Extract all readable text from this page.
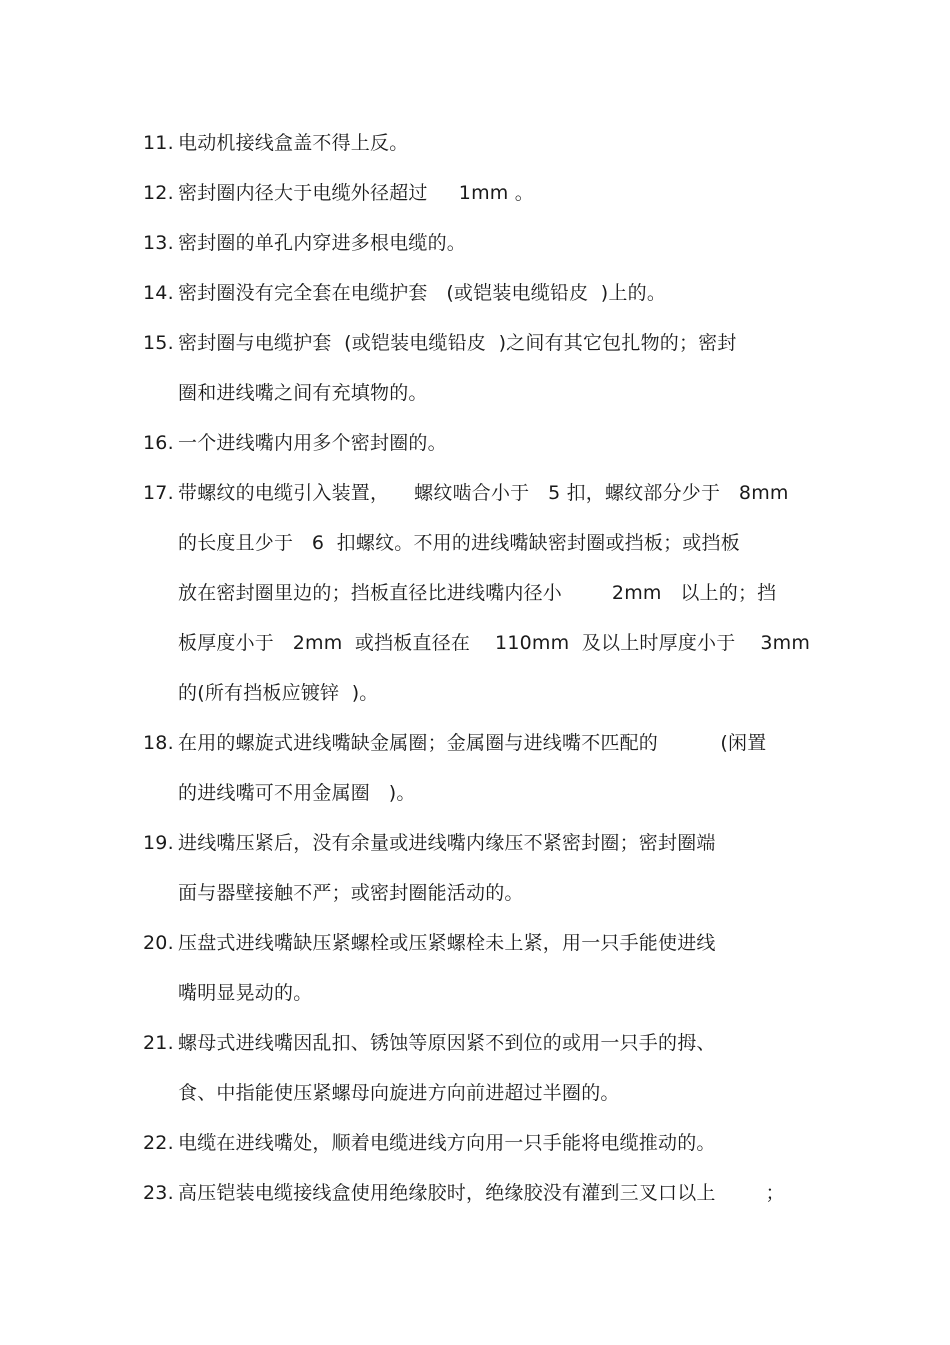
11. 电动机接线盒盖不得上反。
12. 密封圈内径大于电缆外径超过     1mm 。
13. 密封圈的单孔内穿进多根电缆的。
14. 密封圈没有完全套在电缆护套   (或铠装电缆铅皮  )上的。
15. 密封圈与电缆护套  (或铠装电缆铅皮  )之间有其它包扎物的；密封
圈和进线嘴之间有充填物的。
16. 一个进线嘴内用多个密封圈的。
17. 带螺纹的电缆引入装置，    螺纹啮合小于   5 扣，螺纹部分少于   8mm
的长度且少于   6  扣螺纹。不用的进线嘴缺密封圈或挡板；或挡板
放在密封圈里边的；挡板直径比进线嘴内径小        2mm   以上的；挡
板厚度小于   2mm  或挡板直径在    110mm  及以上时厚度小于    3mm
的(所有挡板应镀锌  )。
18. 在用的螺旋式进线嘴缺金属圈；金属圈与进线嘴不匹配的          (闲置
的进线嘴可不用金属圈   )。
19. 进线嘴压紧后，没有余量或进线嘴内缘压不紧密封圈；密封圈端
面与器壁接触不严；或密封圈能活动的。
20. 压盘式进线嘴缺压紧螺栓或压紧螺栓未上紧，用一只手能使进线
嘴明显晃动的。
21. 螺母式进线嘴因乱扣、锈蚀等原因紧不到位的或用一只手的拇、
食、中指能使压紧螺母向旋进方向前进超过半圈的。
22. 电缆在进线嘴处，顺着电缆进线方向用一只手能将电缆推动的。
23. 高压铠装电缆接线盒使用绝缘胶时，绝缘胶没有灌到三叉口以上        ；
